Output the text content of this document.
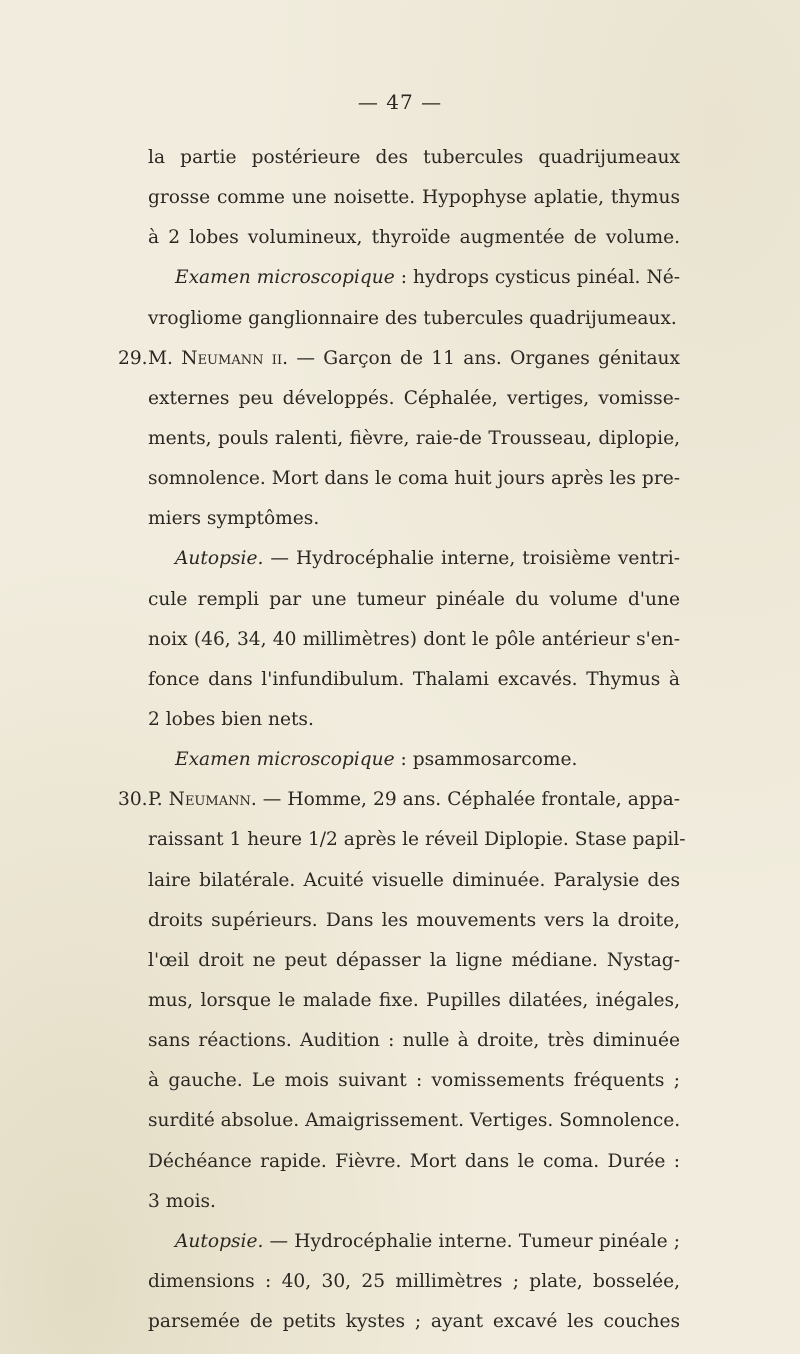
— 47 —
la partie postérieure des tubercules quadrijumeaux
grosse comme une noisette. Hypophyse aplatie, thymus
à 2 lobes volumineux, thyroïde augmentée de volume.
Examen microscopique : hydrops cysticus pinéal. Né-
vrogliome ganglionnaire des tubercules quadrijumeaux.
29. M. Neumann ii. — Garçon de 11 ans. Organes génitaux
externes peu développés. Céphalée, vertiges, vomisse-
ments, pouls ralenti, fièvre, raie-de Trousseau, diplopie,
somnolence. Mort dans le coma huit jours après les pre-
miers symptômes.
Autopsie. — Hydrocéphalie interne, troisième ventri-
cule rempli par une tumeur pinéale du volume d'une
noix (46, 34, 40 millimètres) dont le pôle antérieur s'en-
fonce dans l'infundibulum. Thalami excavés. Thymus à
2 lobes bien nets.
Examen microscopique : psammosarcome.
30. P. Neumann. — Homme, 29 ans. Céphalée frontale, appa-
raissant 1 heure 1/2 après le réveil Diplopie. Stase papil-
laire bilatérale. Acuité visuelle diminuée. Paralysie des
droits supérieurs. Dans les mouvements vers la droite,
l'œil droit ne peut dépasser la ligne médiane. Nystag-
mus, lorsque le malade fixe. Pupilles dilatées, inégales,
sans réactions. Audition : nulle à droite, très diminuée
à gauche. Le mois suivant : vomissements fréquents ;
surdité absolue. Amaigrissement. Vertiges. Somnolence.
Déchéance rapide. Fièvre. Mort dans le coma. Durée :
3 mois.
Autopsie. — Hydrocéphalie interne. Tumeur pinéale ;
dimensions : 40, 30, 25 millimètres ; plate, bosselée,
parsemée de petits kystes ; ayant excavé les couches
